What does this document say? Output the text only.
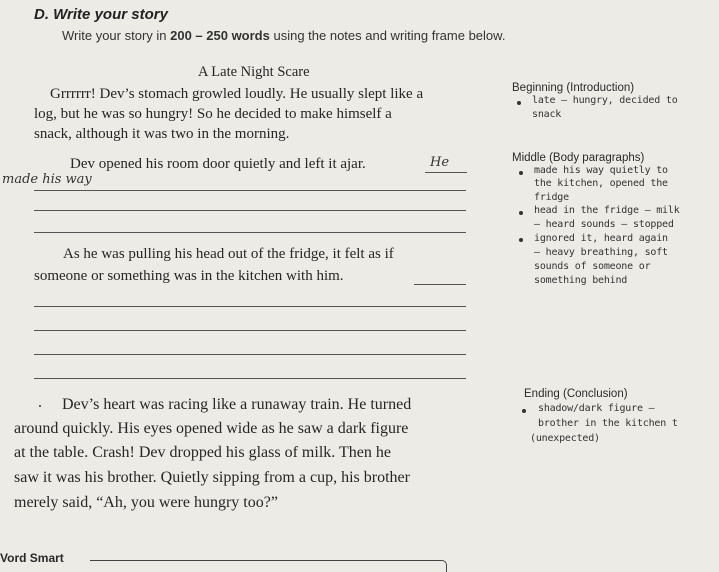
D. Write your story
Write your story in 200 – 250 words using the notes and writing frame below.
A Late Night Scare
Grrrrrr! Dev’s stomach growled loudly. He usually slept like a
log, but he was so hungry! So he decided to make himself a
snack, although it was two in the morning.
Dev opened his room door quietly and left it ajar.	He
made his way
As he was pulling his head out of the fridge, it felt as if
someone or something was in the kitchen with him.
. Dev’s heart was racing like a runaway train. He turned
around quickly. His eyes opened wide as he saw a dark figure
at the table. Crash! Dev dropped his glass of milk. Then he
saw it was his brother. Quietly sipping from a cup, his brother
merely said, “Ah, you were hungry too?”
Beginning (Introduction)
late – hungry, decided to
snack
Middle (Body paragraphs)
made his way quietly to
the kitchen, opened the
fridge
head in the fridge – milk
– heard sounds – stopped
ignored it, heard again
– heavy breathing, soft
sounds of someone or
something behind
Ending (Conclusion)
shadow/dark figure –
brother in the kitchen t
(unexpected)
Vord Smart
